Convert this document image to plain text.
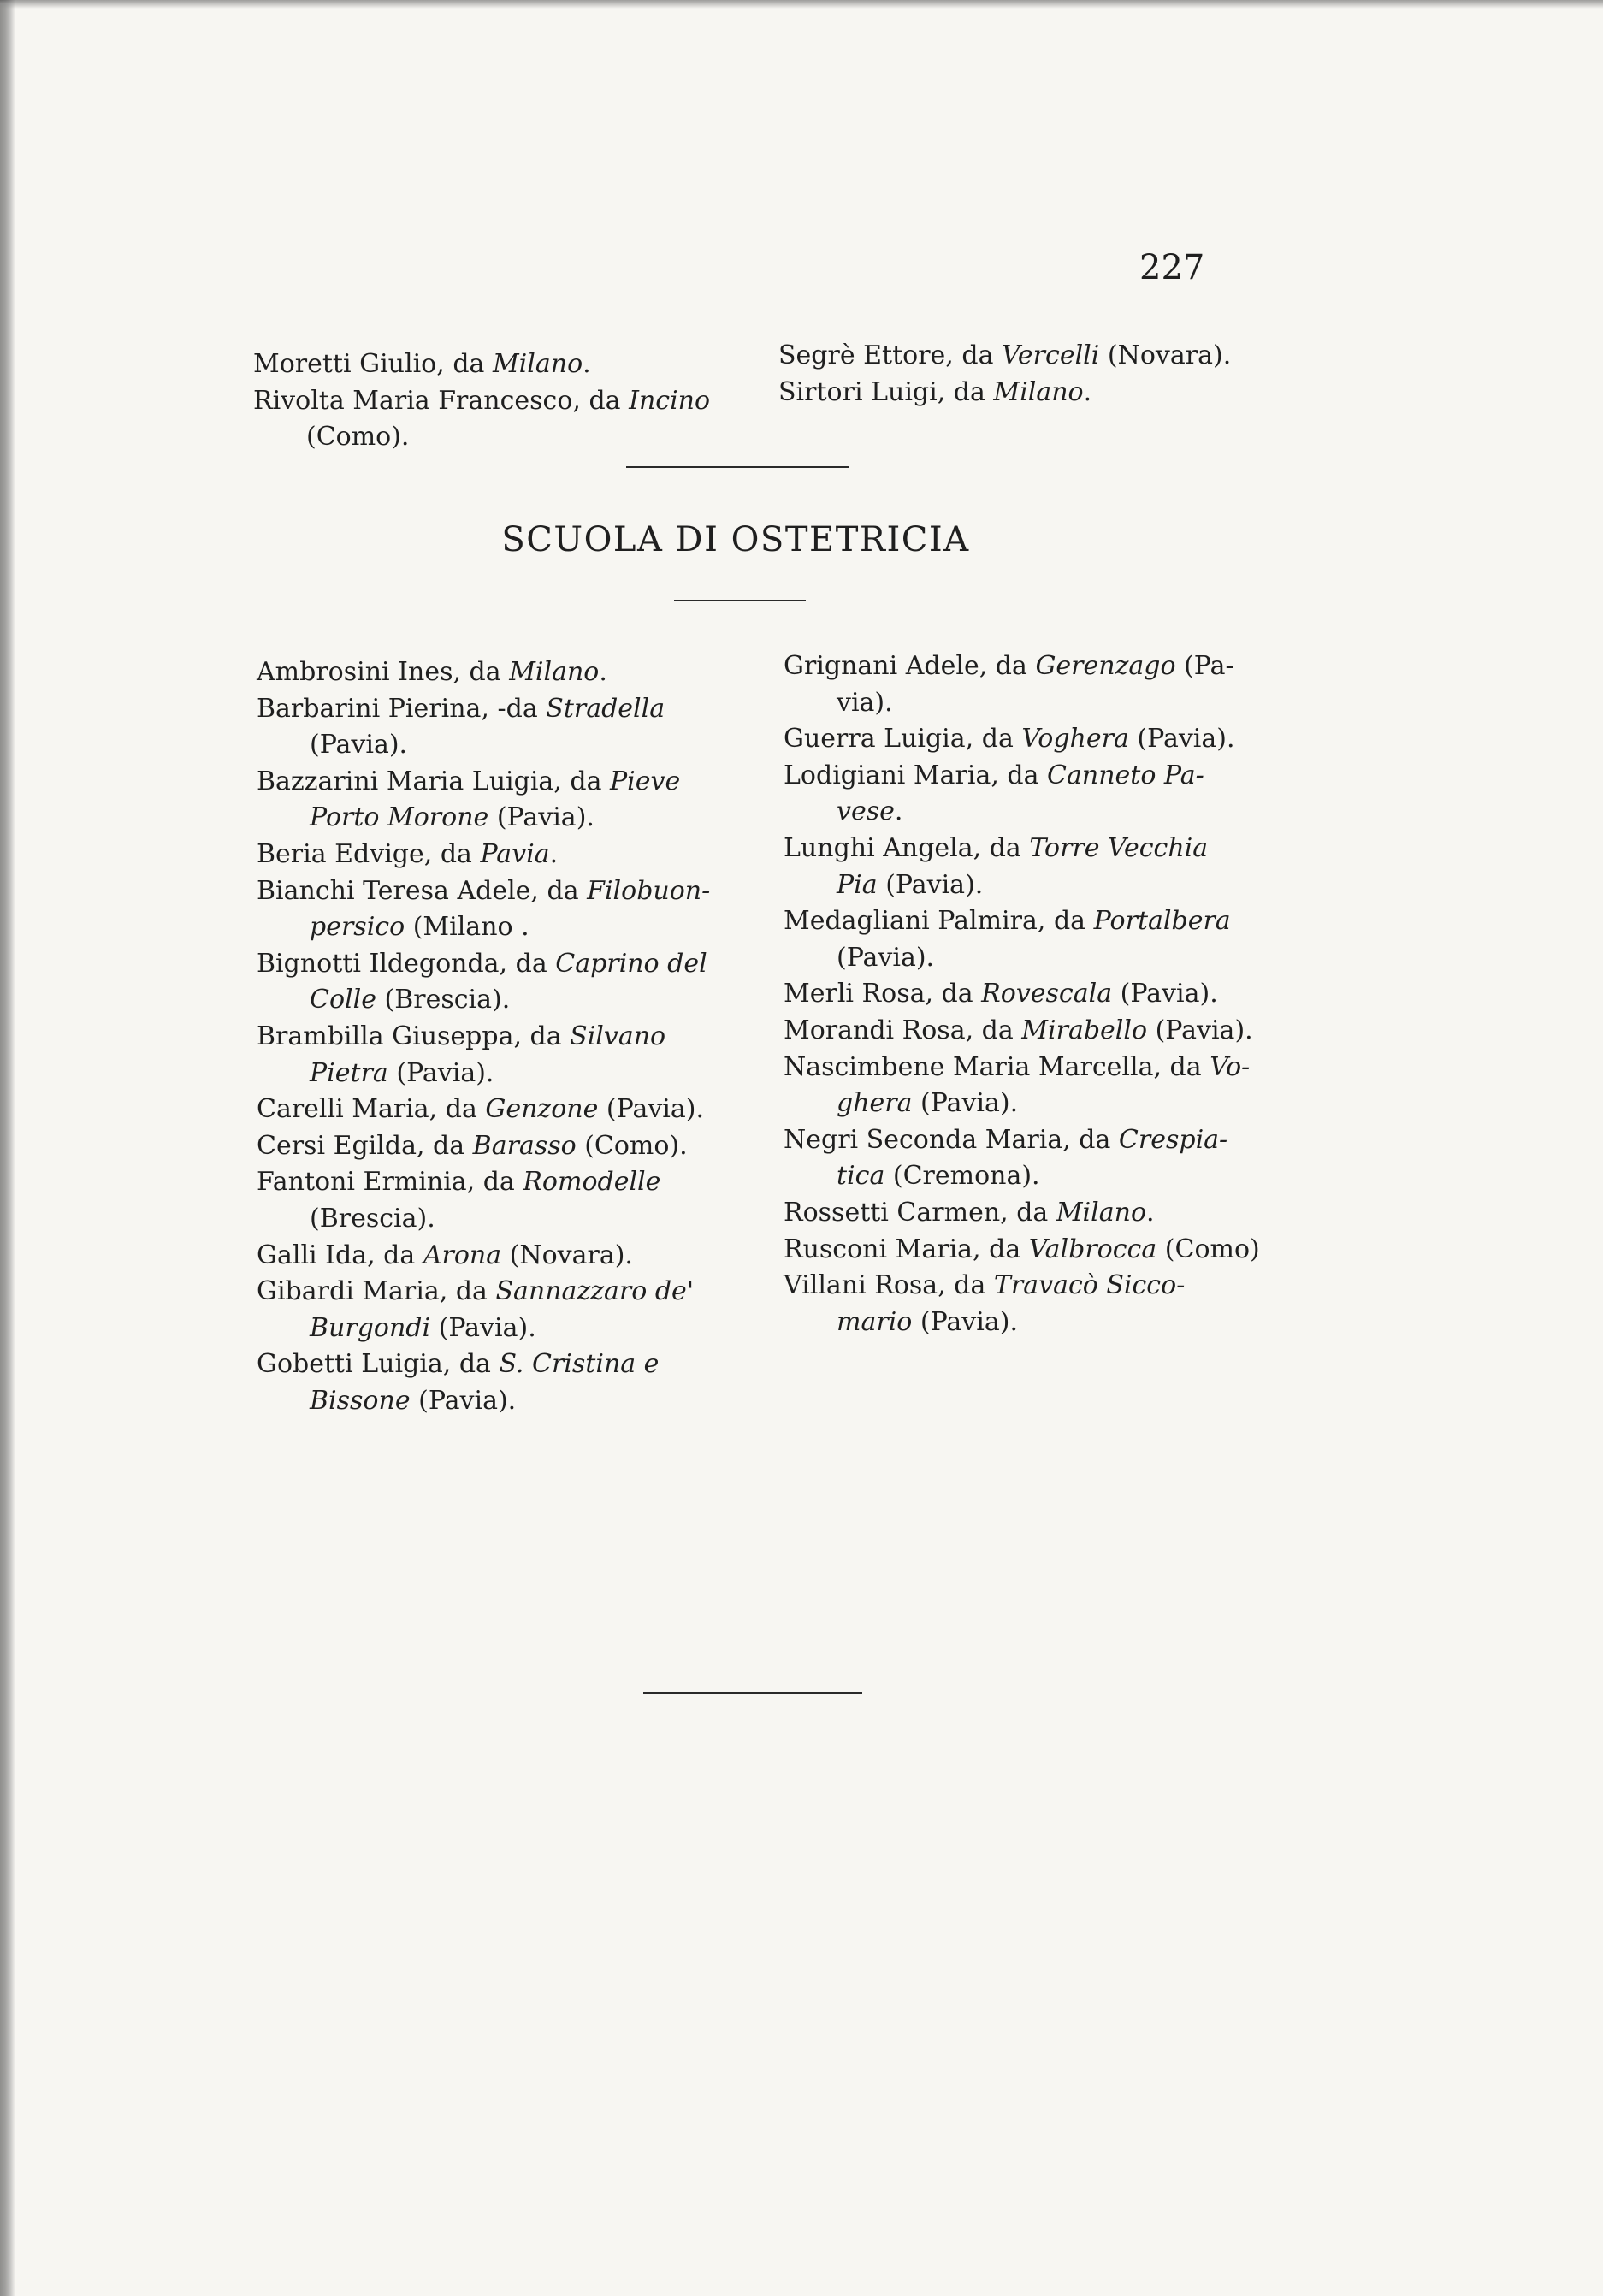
227

Moretti Giulio, da Milano.

Rivolta Maria Francesco, da Incino
(Como).

Segrè Ettore, da Vercelli (Novara).

Sirtori Luigi, da Milano.

SCUOLA DI OSTETRICIA

Ambrosini Ines, da Milano.

Barbarini Pierina, -da Stradella
(Pavia).

Bazzarini Maria Luigia, da Pieve
Porto Morone (Pavia).

Beria Edvige, da Pavia.

Bianchi Teresa Adele, da Filobuon-
persico (Milano .

Bignotti Ildegonda, da Caprino del
Colle (Brescia).

Brambilla Giuseppa, da Silvano
Pietra (Pavia).

Carelli Maria, da Genzone (Pavia).

Cersi Egilda, da Barasso (Como).

Fantoni Erminia, da Romodelle
(Brescia).

Galli Ida, da Arona (Novara).

Gibardi Maria, da Sannazzaro de'
Burgondi (Pavia).

Gobetti Luigia, da S. Cristina e
Bissone (Pavia).

Grignani Adele, da Gerenzago (Pa-
via).

Guerra Luigia, da Voghera (Pavia).

Lodigiani Maria, da Canneto Pa-
vese.

Lunghi Angela, da Torre Vecchia
Pia (Pavia).

Medagliani Palmira, da Portalbera
(Pavia).

Merli Rosa, da Rovescala (Pavia).

Morandi Rosa, da Mirabello (Pavia).

Nascimbene Maria Marcella, da Vo-
ghera (Pavia).

Negri Seconda Maria, da Crespia-
tica (Cremona).

Rossetti Carmen, da Milano.

Rusconi Maria, da Valbrocca (Como)

Villani Rosa, da Travacò Sicco-
mario (Pavia).
